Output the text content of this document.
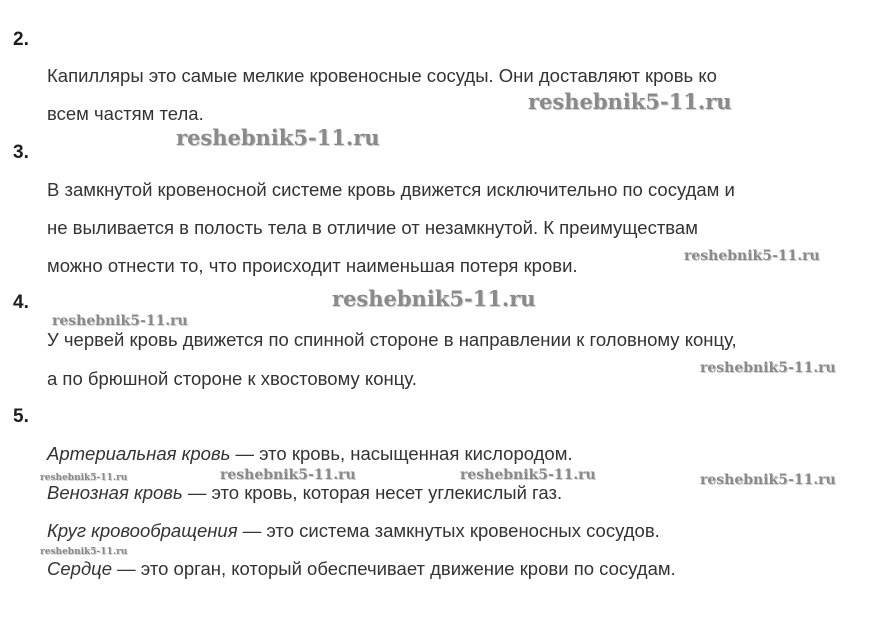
2.
Капилляры это самые мелкие кровеносные сосуды. Они доставляют кровь ко
всем частям тела.
3.
В замкнутой кровеносной системе кровь движется исключительно по сосудам и
не выливается в полость тела в отличие от незамкнутой. К преимуществам
можно отнести то, что происходит наименьшая потеря крови.
4.
У червей кровь движется по спинной стороне в направлении к головному концу,
а по брюшной стороне к хвостовому концу.
5.
Артериальная кровь — это кровь, насыщенная кислородом.
Венозная кровь — это кровь, которая несет углекислый газ.
Круг кровообращения — это система замкнутых кровеносных сосудов.
Сердце — это орган, который обеспечивает движение крови по сосудам.
reshebnik5-11.ru
reshebnik5-11.ru
reshebnik5-11.ru
reshebnik5-11.ru
reshebnik5-11.ru
reshebnik5-11.ru
reshebnik5-11.ru	reshebnik5-11.ru	reshebnik5-11.ru	reshebnik5-11.ru
reshebnik5-11.ru
